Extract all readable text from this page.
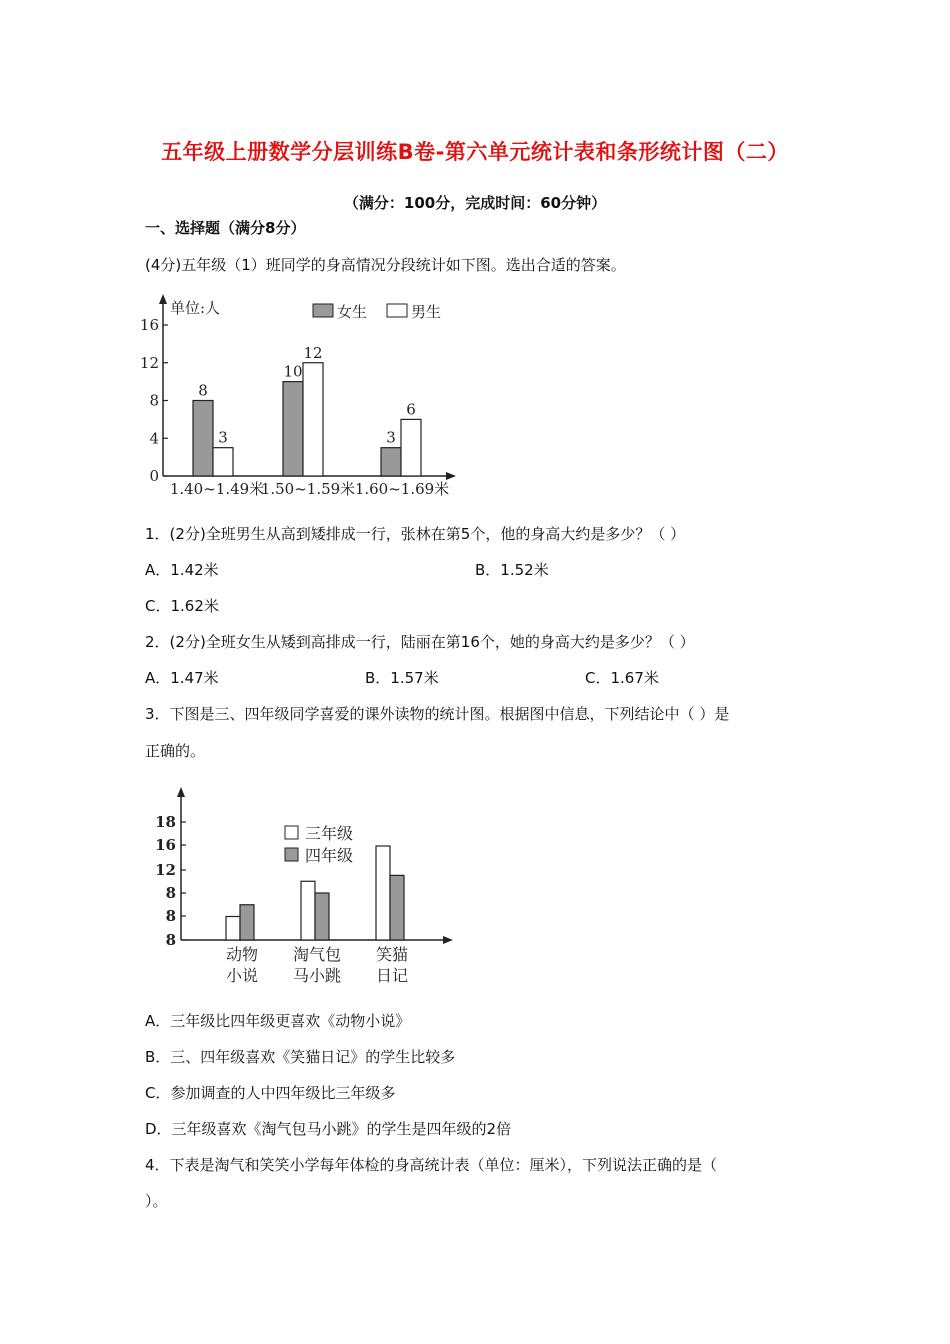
五年级上册数学分层训练B卷-第六单元统计表和条形统计图（二）
（满分：100分，完成时间：60分钟）
一、选择题（满分8分）
(4分)五年级（1）班同学的身高情况分段统计如下图。选出合适的答案。
单位:人	女生	男生
0
4
8
12
16
8
3
10
12
3
6
1.40~1.49米
1.50~1.59米 1.60~1.69米
1．(2分)全班男生从高到矮排成一行，张林在第5个，他的身高大约是多少？（ ）
A．1.42米	B．1.52米
C．1.62米
2．(2分)全班女生从矮到高排成一行，陆丽在第16个，她的身高大约是多少？（ ）
A．1.47米	B．1.57米	C．1.67米
3．下图是三、四年级同学喜爱的课外读物的统计图。根据图中信息，下列结论中（ ）是
正确的。
三年级
四年级
8
8
8
12
16
18
动物
小说
淘气包
马小跳
笑猫
日记
A．三年级比四年级更喜欢《动物小说》
B．三、四年级喜欢《笑猫日记》的学生比较多
C．参加调查的人中四年级比三年级多
D．三年级喜欢《淘气包马小跳》的学生是四年级的2倍
4．下表是淘气和笑笑小学每年体检的身高统计表（单位：厘米），下列说法正确的是（
）。
